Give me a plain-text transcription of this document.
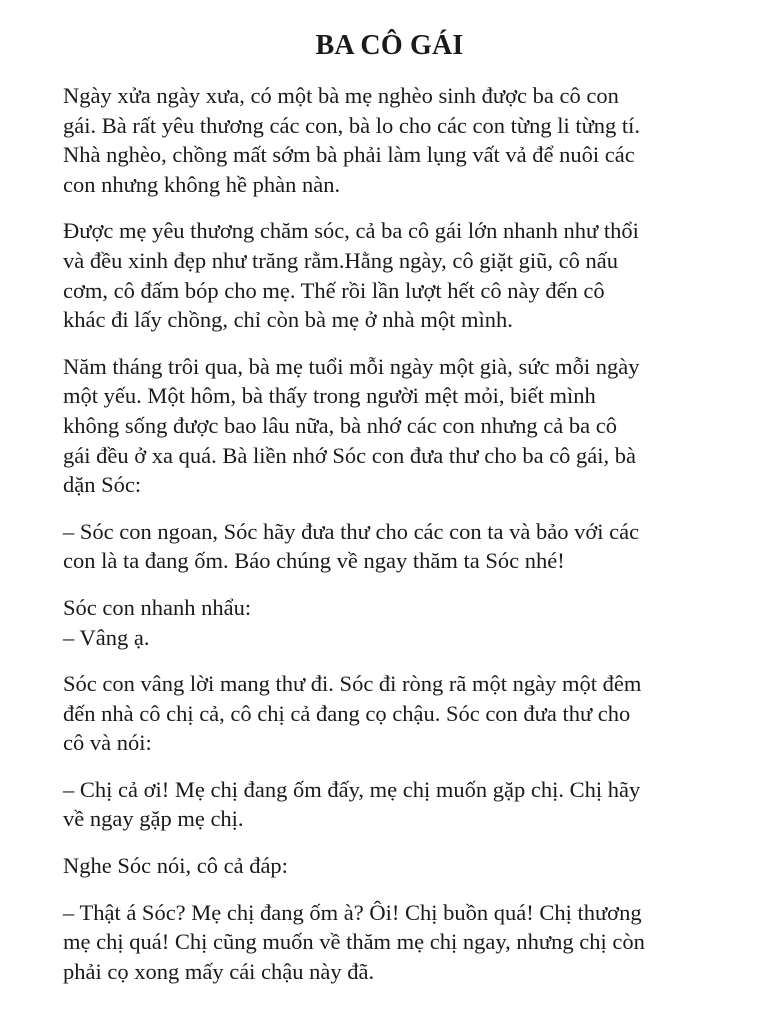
BA CÔ GÁI

Ngày xửa ngày xưa, có một bà mẹ nghèo sinh được ba cô con
gái. Bà rất yêu thương các con, bà lo cho các con từng li từng tí.
Nhà nghèo, chồng mất sớm bà phải làm lụng vất vả để nuôi các
con nhưng không hề phàn nàn.

Được mẹ yêu thương chăm sóc, cả ba cô gái lớn nhanh như thổi
và đều xinh đẹp như trăng rằm.Hằng ngày, cô giặt giũ, cô nấu
cơm, cô đấm bóp cho mẹ. Thế rồi lần lượt hết cô này đến cô
khác đi lấy chồng, chỉ còn bà mẹ ở nhà một mình.

Năm tháng trôi qua, bà mẹ tuổi mỗi ngày một già, sức mỗi ngày
một yếu. Một hôm, bà thấy trong người mệt mỏi, biết mình
không sống được bao lâu nữa, bà nhớ các con nhưng cả ba cô
gái đều ở xa quá. Bà liền nhớ Sóc con đưa thư cho ba cô gái, bà
dặn Sóc:

– Sóc con ngoan, Sóc hãy đưa thư cho các con ta và bảo với các
con là ta đang ốm. Báo chúng về ngay thăm ta Sóc nhé!

Sóc con nhanh nhẩu:
– Vâng ạ.

Sóc con vâng lời mang thư đi. Sóc đi ròng rã một ngày một đêm
đến nhà cô chị cả, cô chị cả đang cọ chậu. Sóc con đưa thư cho
cô và nói:

– Chị cả ơi! Mẹ chị đang ốm đấy, mẹ chị muốn gặp chị. Chị hãy
về ngay gặp mẹ chị.

Nghe Sóc nói, cô cả đáp:

– Thật á Sóc? Mẹ chị đang ốm à? Ôi! Chị buồn quá! Chị thương
mẹ chị quá! Chị cũng muốn về thăm mẹ chị ngay, nhưng chị còn
phải cọ xong mấy cái chậu này đã.
